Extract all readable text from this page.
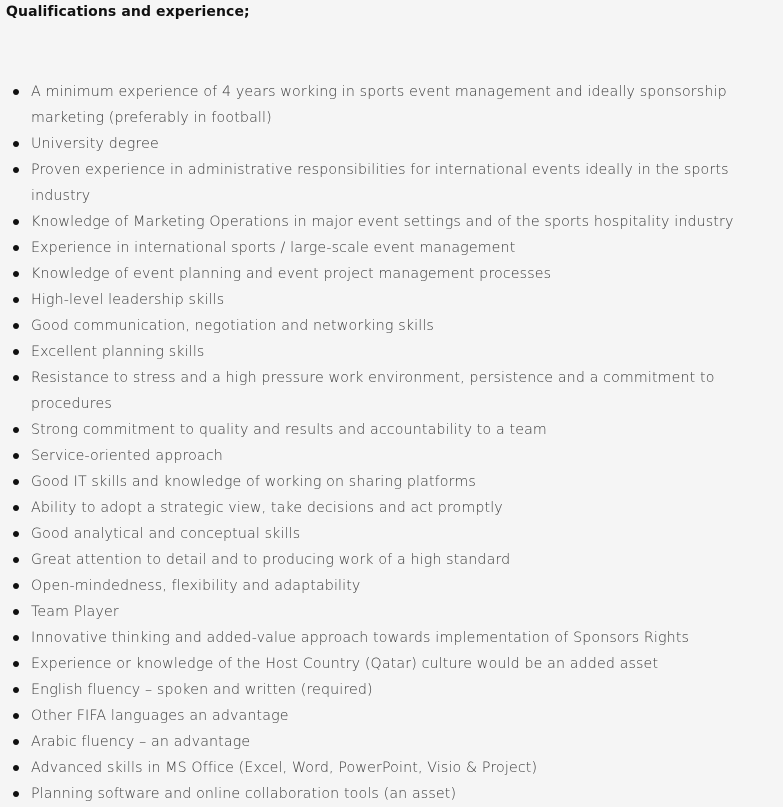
Qualifications and experience;
A minimum experience of 4 years working in sports event management and ideally sponsorship marketing (preferably in football)
University degree
Proven experience in administrative responsibilities for international events ideally in the sports industry
Knowledge of Marketing Operations in major event settings and of the sports hospitality industry
Experience in international sports / large-scale event management
Knowledge of event planning and event project management processes
High-level leadership skills
Good communication, negotiation and networking skills
Excellent planning skills
Resistance to stress and a high pressure work environment, persistence and a commitment to procedures
Strong commitment to quality and results and accountability to a team
Service-oriented approach
Good IT skills and knowledge of working on sharing platforms
Ability to adopt a strategic view, take decisions and act promptly
Good analytical and conceptual skills
Great attention to detail and to producing work of a high standard
Open-mindedness, flexibility and adaptability
Team Player
Innovative thinking and added-value approach towards implementation of Sponsors Rights
Experience or knowledge of the Host Country (Qatar) culture would be an added asset
English fluency – spoken and written (required)
Other FIFA languages an advantage
Arabic fluency – an advantage
Advanced skills in MS Office (Excel, Word, PowerPoint, Visio & Project)
Planning software and online collaboration tools (an asset)
